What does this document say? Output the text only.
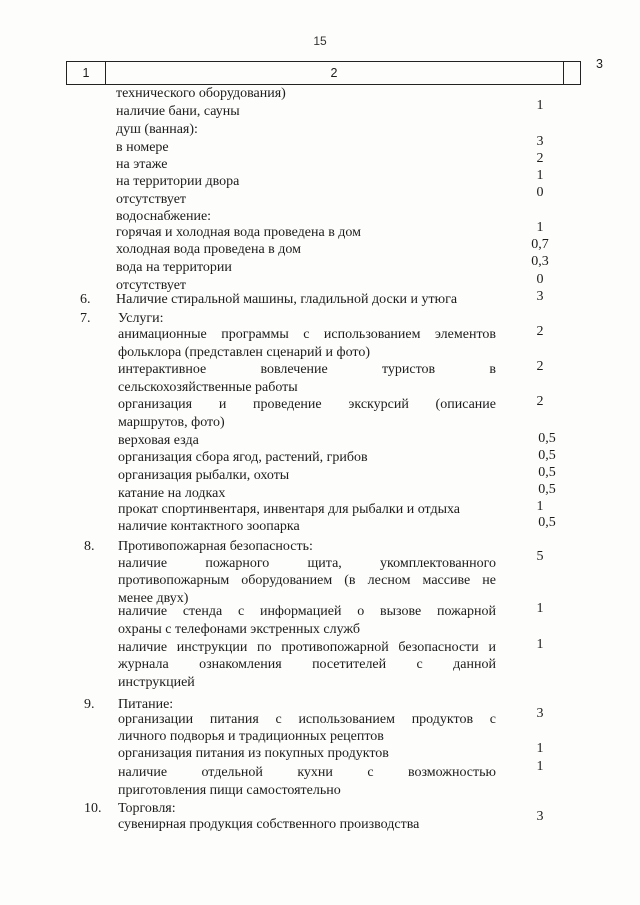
15
1	2
3
технического оборудования)
наличие бани, сауны
душ (ванная):
в номере
на этаже
на территории двора
отсутствует
водоснабжение:
горячая и холодная вода проведена в дом
холодная вода проведена в дом
вода на территории
отсутствует
Наличие стиральной машины, гладильной доски и утюга
Услуги:
анимационные программы с использованием элементов
фольклора (представлен сценарий и фото)
интерактивное вовлечение туристов в
сельскохозяйственные работы
организация и проведение экскурсий (описание
маршрутов, фото)
верховая езда
организация сбора ягод, растений, грибов
организация рыбалки, охоты
катание на лодках
прокат спортинвентаря, инвентаря для рыбалки и отдыха
наличие контактного зоопарка
Противопожарная безопасность:
наличие пожарного щита, укомплектованного
противопожарным оборудованием (в лесном массиве не
менее двух)
наличие стенда с информацией о вызове пожарной
охраны с телефонами экстренных служб
наличие инструкции по противопожарной безопасности и
журнала ознакомления посетителей с данной
инструкцией
Питание:
организации питания с использованием продуктов с
личного подворья и традиционных рецептов
организация питания из покупных продуктов
наличие отдельной кухни с возможностью
приготовления пищи самостоятельно
Торговля:
сувенирная продукция собственного производства
6.
7.
8.
9.
10.
1
3
2
1
0
1
0,7
0,3
0
3
2
2
2
0,5
0,5
0,5
0,5
1
0,5
5
1
1
3
1
1
3
